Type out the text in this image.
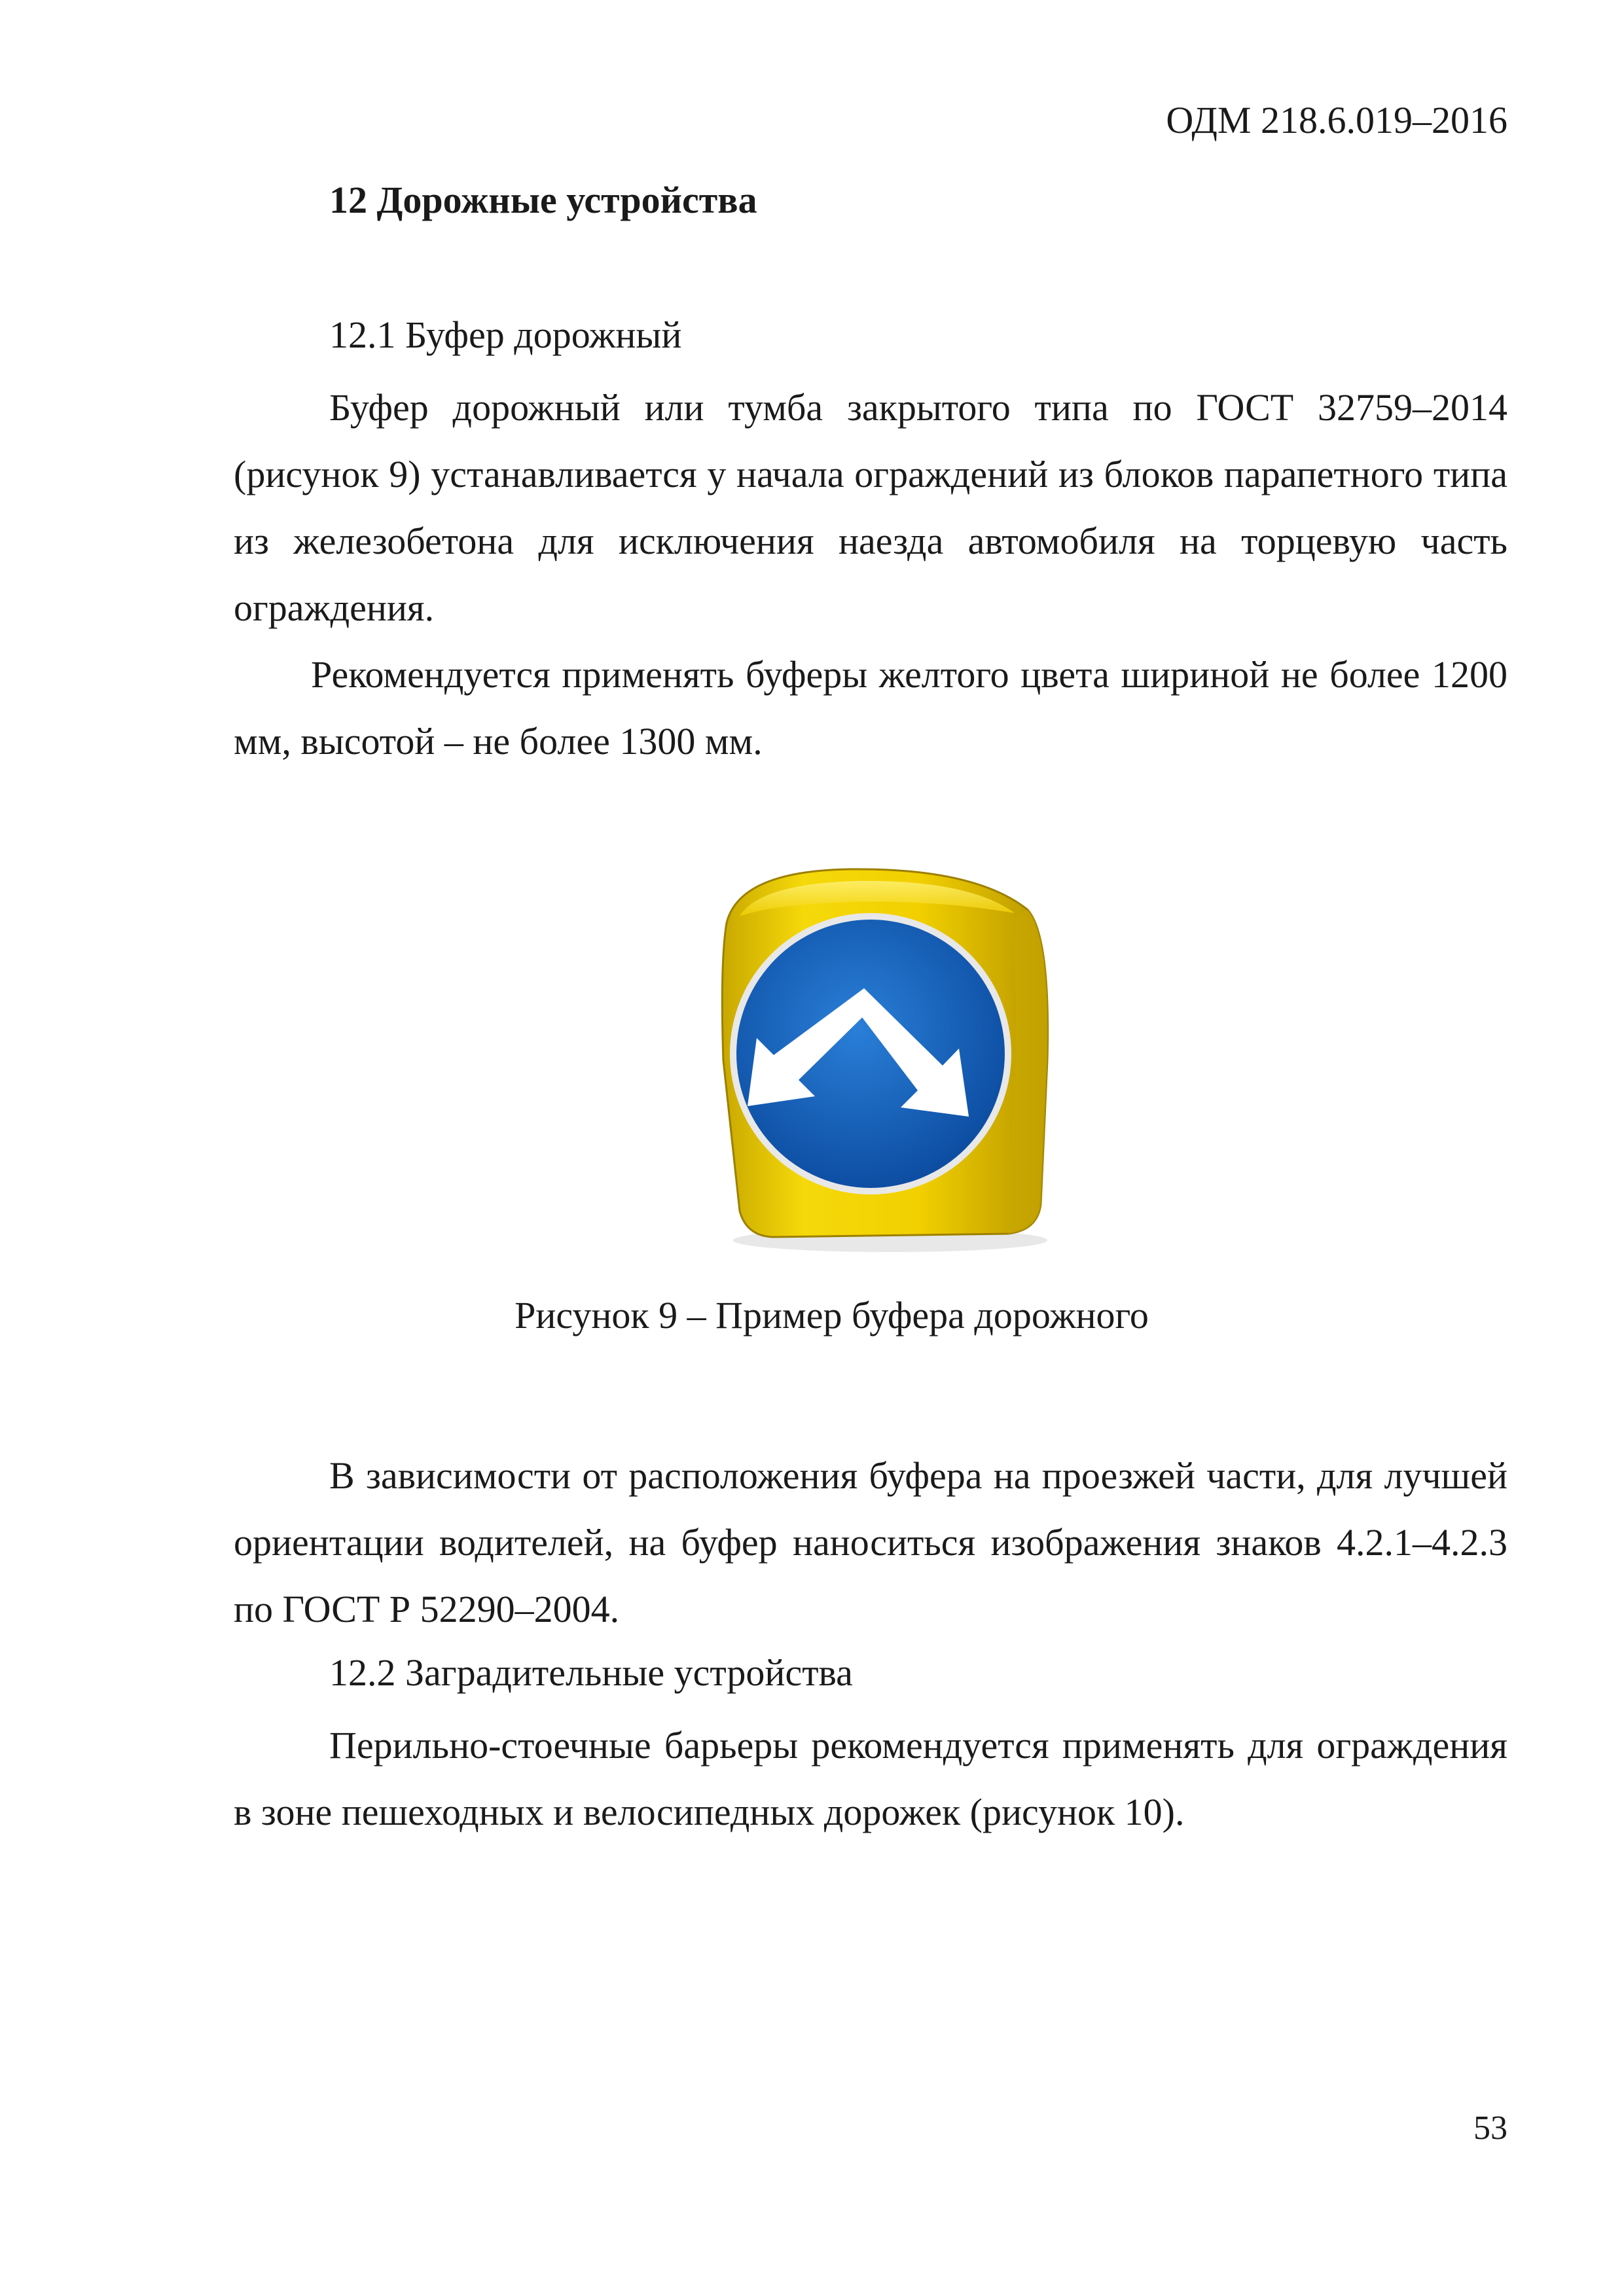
ОДМ 218.6.019–2016
12 Дорожные устройства
12.1 Буфер дорожный

Буфер дорожный или тумба закрытого типа по ГОСТ 32759–2014 (рисунок 9) устанавливается у начала ограждений из блоков парапетного типа из железобетона для исключения наезда автомобиля на торцевую часть ограждения.

Рекомендуется применять буферы желтого цвета шириной не более 1200 мм, высотой – не более 1300 мм.

Рисунок 9 – Пример буфера дорожного

В зависимости от расположения буфера на проезжей части, для лучшей ориентации водителей, на буфер наноситься изображения знаков 4.2.1–4.2.3 по ГОСТ Р 52290–2004.

12.2 Заградительные устройства

Перильно-стоечные барьеры рекомендуется применять для ограждения в зоне пешеходных и велосипедных дорожек (рисунок 10).

53
